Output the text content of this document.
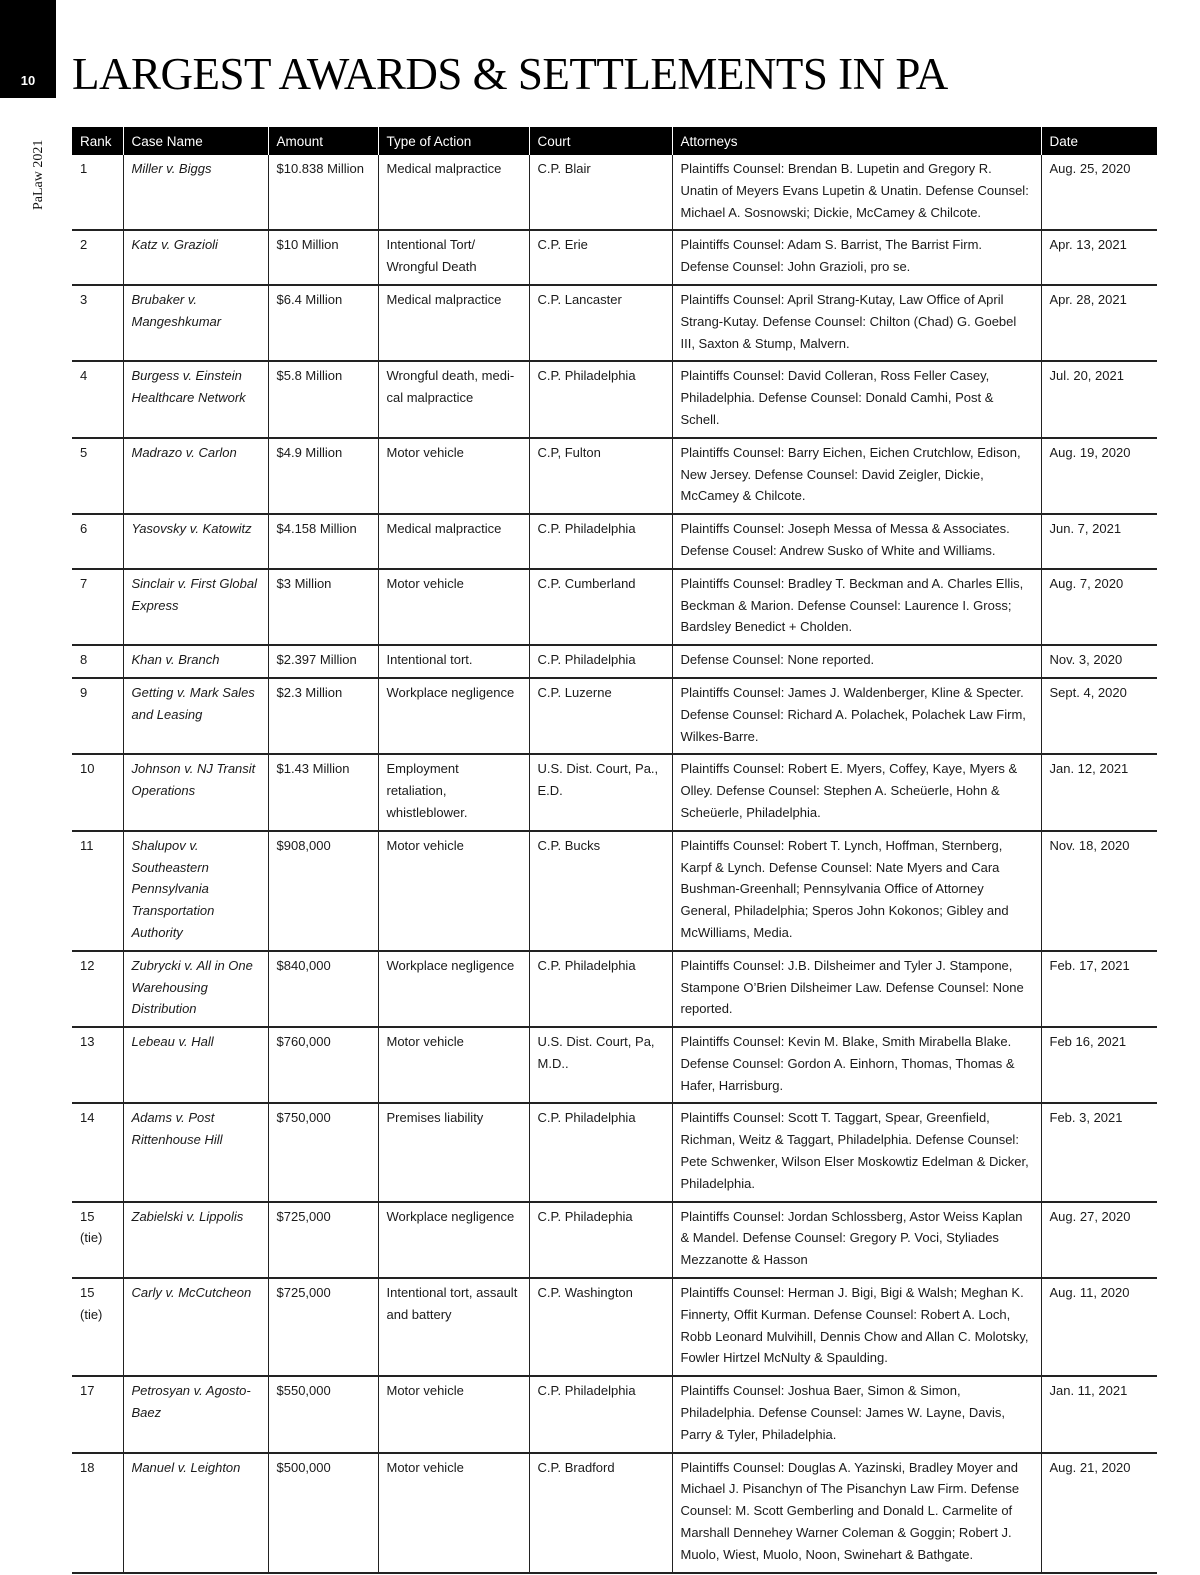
10
PaLaw 2021
LARGEST AWARDS & SETTLEMENTS IN PA
Rank	Case Name	Amount	Type of Action	Court	Attorneys	Date
1	Miller v. Biggs	$10.838 Million	Medical malpractice	C.P. Blair	Plaintiffs Counsel: Brendan B. Lupetin and Gregory R. Unatin of Meyers Evans Lupetin & Unatin. Defense Counsel: Michael A. Sosnowski; Dickie, McCamey & Chilcote.	Aug. 25, 2020
2	Katz v. Grazioli	$10 Million	Intentional Tort/ Wrongful Death	C.P. Erie	Plaintiffs Counsel: Adam S. Barrist, The Barrist Firm. Defense Counsel: John Grazioli, pro se.	Apr. 13, 2021
3	Brubaker v. Mangeshkumar	$6.4 Million	Medical malpractice	C.P. Lancaster	Plaintiffs Counsel: April Strang-Kutay, Law Office of April Strang-Kutay. Defense Counsel: Chilton (Chad) G. Goebel III, Saxton & Stump, Malvern.	Apr. 28, 2021
4	Burgess v. Einstein Healthcare Network	$5.8 Million	Wrongful death, medi-cal malpractice	C.P. Philadelphia	Plaintiffs Counsel: David Colleran, Ross Feller Casey, Philadelphia. Defense Counsel: Donald Camhi, Post & Schell.	Jul. 20, 2021
5	Madrazo v. Carlon	$4.9 Million	Motor vehicle	C.P, Fulton	Plaintiffs Counsel: Barry Eichen, Eichen Crutchlow, Edison, New Jersey. Defense Counsel: David Zeigler, Dickie, McCamey & Chilcote.	Aug. 19, 2020
6	Yasovsky v. Katowitz	$4.158 Million	Medical malpractice	C.P. Philadelphia	Plaintiffs Counsel: Joseph Messa of Messa & Associates. Defense Cousel: Andrew Susko of White and Williams.	Jun. 7, 2021
7	Sinclair v. First Global Express	$3 Million	Motor vehicle	C.P. Cumberland	Plaintiffs Counsel: Bradley T. Beckman and A. Charles Ellis, Beckman & Marion. Defense Counsel: Laurence I. Gross; Bardsley Benedict + Cholden.	Aug. 7, 2020
8	Khan v. Branch	$2.397 Million	Intentional tort.	C.P. Philadelphia	Defense Counsel: None reported.	Nov. 3, 2020
9	Getting v. Mark Sales and Leasing	$2.3 Million	Workplace negligence	C.P. Luzerne	Plaintiffs Counsel: James J. Waldenberger, Kline & Specter. Defense Counsel: Richard A. Polachek, Polachek Law Firm, Wilkes-Barre.	Sept. 4, 2020
10	Johnson v. NJ Transit Operations	$1.43 Million	Employment retaliation, whistleblower.	U.S. Dist. Court, Pa., E.D.	Plaintiffs Counsel: Robert E. Myers, Coffey, Kaye, Myers & Olley. Defense Counsel: Stephen A. Scheüerle, Hohn & Scheüerle, Philadelphia.	Jan. 12, 2021
11	Shalupov v. Southeastern Pennsylvania Transportation Authority	$908,000	Motor vehicle	C.P. Bucks	Plaintiffs Counsel: Robert T. Lynch, Hoffman, Sternberg, Karpf & Lynch. Defense Counsel: Nate Myers and Cara Bushman-Greenhall; Pennsylvania Office of Attorney General, Philadelphia; Speros John Kokonos; Gibley and McWilliams, Media.	Nov. 18, 2020
12	Zubrycki v. All in One Warehousing Distribution	$840,000	Workplace negligence	C.P. Philadelphia	Plaintiffs Counsel: J.B. Dilsheimer and Tyler J. Stampone, Stampone O’Brien Dilsheimer Law. Defense Counsel: None reported.	Feb. 17, 2021
13	Lebeau v. Hall	$760,000	Motor vehicle	U.S. Dist. Court, Pa, M.D..	Plaintiffs Counsel: Kevin M. Blake, Smith Mirabella Blake. Defense Counsel: Gordon A. Einhorn, Thomas, Thomas & Hafer, Harrisburg.	Feb 16, 2021
14	Adams v. Post Rittenhouse Hill	$750,000	Premises liability	C.P. Philadelphia	Plaintiffs Counsel: Scott T. Taggart, Spear, Greenfield, Richman, Weitz & Taggart, Philadelphia. Defense Counsel: Pete Schwenker, Wilson Elser Moskowtiz Edelman & Dicker, Philadelphia.	Feb. 3, 2021
15 (tie)	Zabielski v. Lippolis	$725,000	Workplace negligence	C.P. Philadephia	Plaintiffs Counsel: Jordan Schlossberg, Astor Weiss Kaplan & Mandel. Defense Counsel: Gregory P. Voci, Styliades Mezzanotte & Hasson	Aug. 27, 2020
15 (tie)	Carly v. McCutcheon	$725,000	Intentional tort, assault and battery	C.P. Washington	Plaintiffs Counsel: Herman J. Bigi, Bigi & Walsh; Meghan K. Finnerty, Offit Kurman. Defense Counsel: Robert A. Loch, Robb Leonard Mulvihill, Dennis Chow and Allan C. Molotsky, Fowler Hirtzel McNulty & Spaulding.	Aug. 11, 2020
17	Petrosyan v. Agosto-Baez	$550,000	Motor vehicle	C.P. Philadelphia	Plaintiffs Counsel: Joshua Baer, Simon & Simon, Philadelphia. Defense Counsel: James W. Layne, Davis, Parry & Tyler, Philadelphia.	Jan. 11, 2021
18	Manuel v. Leighton	$500,000	Motor vehicle	C.P. Bradford	Plaintiffs Counsel: Douglas A. Yazinski, Bradley Moyer and Michael J. Pisanchyn of The Pisanchyn Law Firm. Defense Counsel: M. Scott Gemberling and Donald L. Carmelite of Marshall Dennehey Warner Coleman & Goggin; Robert J. Muolo, Wiest, Muolo, Noon, Swinehart & Bathgate.	Aug. 21, 2020
